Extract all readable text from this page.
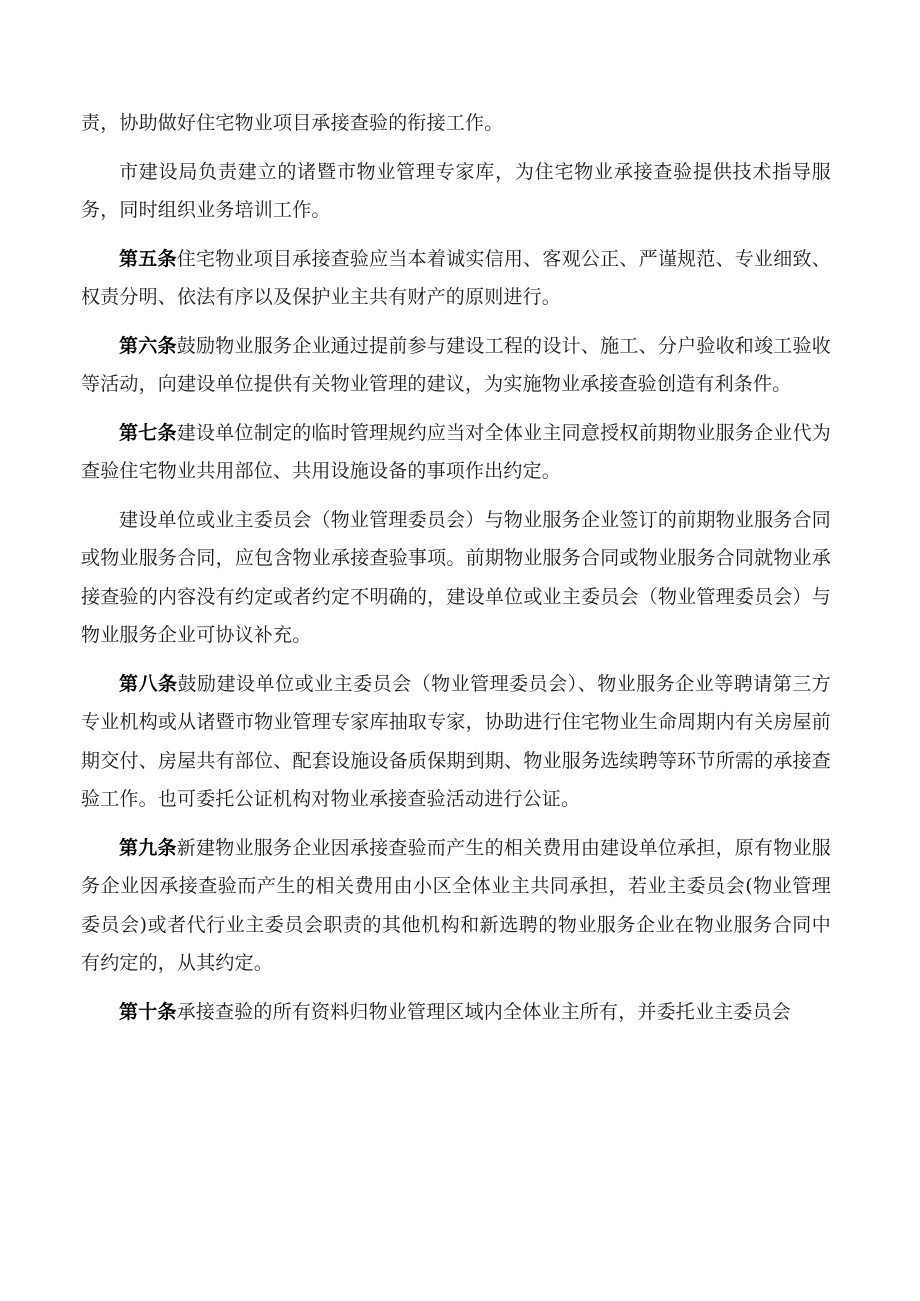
责，协助做好住宅物业项目承接查验的衔接工作。

市建设局负责建立的诸暨市物业管理专家库，为住宅物业承接查验提供技术指导服务，同时组织业务培训工作。

第五条住宅物业项目承接查验应当本着诚实信用、客观公正、严谨规范、专业细致、权责分明、依法有序以及保护业主共有财产的原则进行。

第六条鼓励物业服务企业通过提前参与建设工程的设计、施工、分户验收和竣工验收等活动，向建设单位提供有关物业管理的建议，为实施物业承接查验创造有利条件。

第七条建设单位制定的临时管理规约应当对全体业主同意授权前期物业服务企业代为查验住宅物业共用部位、共用设施设备的事项作出约定。

建设单位或业主委员会（物业管理委员会）与物业服务企业签订的前期物业服务合同或物业服务合同，应包含物业承接查验事项。前期物业服务合同或物业服务合同就物业承接查验的内容没有约定或者约定不明确的，建设单位或业主委员会（物业管理委员会）与物业服务企业可协议补充。

第八条鼓励建设单位或业主委员会（物业管理委员会）、物业服务企业等聘请第三方专业机构或从诸暨市物业管理专家库抽取专家，协助进行住宅物业生命周期内有关房屋前期交付、房屋共有部位、配套设施设备质保期到期、物业服务选续聘等环节所需的承接查验工作。也可委托公证机构对物业承接查验活动进行公证。

第九条新建物业服务企业因承接查验而产生的相关费用由建设单位承担，原有物业服务企业因承接查验而产生的相关费用由小区全体业主共同承担，若业主委员会(物业管理委员会)或者代行业主委员会职责的其他机构和新选聘的物业服务企业在物业服务合同中有约定的，从其约定。

第十条承接查验的所有资料归物业管理区域内全体业主所有，并委托业主委员会
